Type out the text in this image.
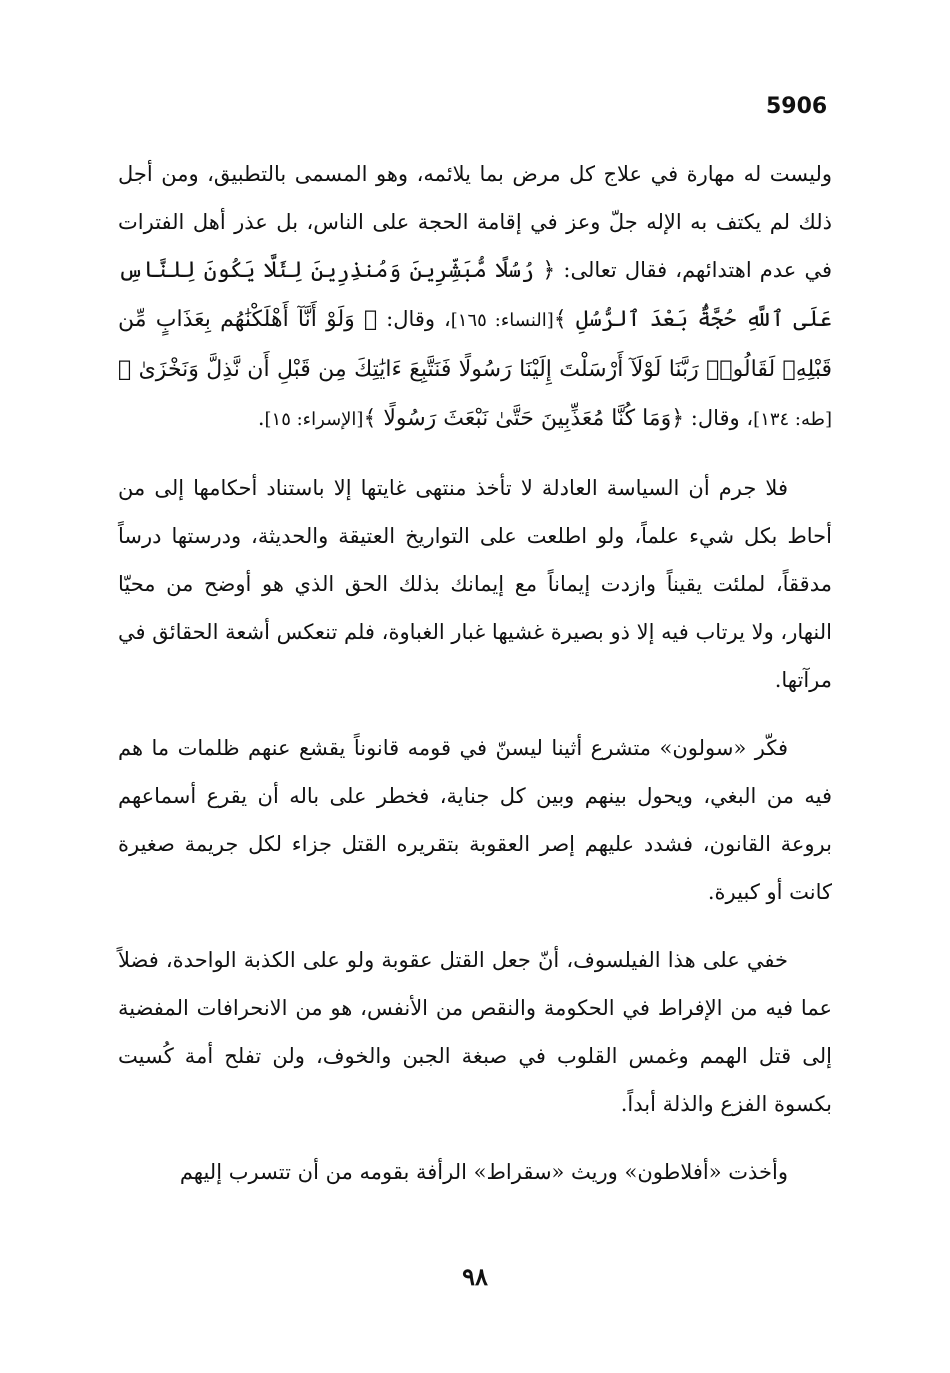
5906

وليست له مهارة في علاج كل مرض بما يلائمه، وهو المسمى بالتطبيق، ومن أجل ذلك لم يكتف به الإله جلّ وعز في إقامة الحجة على الناس، بل عذر أهل الفترات في عدم اهتدائهم، فقال تعالى: ﴿ رُسُلًا مُّبَشِّرِينَ وَمُنذِرِينَ لِئَلَّا يَكُونَ لِلنَّاسِ عَلَى ٱللَّهِ حُجَّةٌۢ بَعْدَ ٱلرُّسُلِ ﴾[النساء: ١٦٥]، وقال: ﴿ وَلَوْ أَنَّآ أَهْلَكْنَٰهُم بِعَذَابٍ مِّن قَبْلِهِۦ لَقَالُوا۟ رَبَّنَا لَوْلَآ أَرْسَلْتَ إِلَيْنَا رَسُولًا فَنَتَّبِعَ ءَايَٰتِكَ مِن قَبْلِ أَن نَّذِلَّ وَنَخْزَىٰ ﴾[طه: ١٣٤]، وقال: ﴿وَمَا كُنَّا مُعَذِّبِينَ حَتَّىٰ نَبْعَثَ رَسُولًا ﴾[الإسراء: ١٥].

فلا جرم أن السياسة العادلة لا تأخذ منتهى غايتها إلا باستناد أحكامها إلى من أحاط بكل شيء علماً، ولو اطلعت على التواريخ العتيقة والحديثة، ودرستها درساً مدققاً، لملئت يقيناً وازدت إيماناً مع إيمانك بذلك الحق الذي هو أوضح من محيّا النهار، ولا يرتاب فيه إلا ذو بصيرة غشيها غبار الغباوة، فلم تنعكس أشعة الحقائق في مرآتها.

فكّر «سولون» متشرع أثينا ليسنّ في قومه قانوناً يقشع عنهم ظلمات ما هم فيه من البغي، ويحول بينهم وبين كل جناية، فخطر على باله أن يقرع أسماعهم بروعة القانون، فشدد عليهم إصر العقوبة بتقريره القتل جزاء لكل جريمة صغيرة كانت أو كبيرة.

خفي على هذا الفيلسوف، أنّ جعل القتل عقوبة ولو على الكذبة الواحدة، فضلاً عما فيه من الإفراط في الحكومة والنقص من الأنفس، هو من الانحرافات المفضية إلى قتل الهمم وغمس القلوب في صبغة الجبن والخوف، ولن تفلح أمة كُسيت بكسوة الفزع والذلة أبداً.

وأخذت «أفلاطون» وريث «سقراط» الرأفة بقومه من أن تتسرب إليهم

٩٨
